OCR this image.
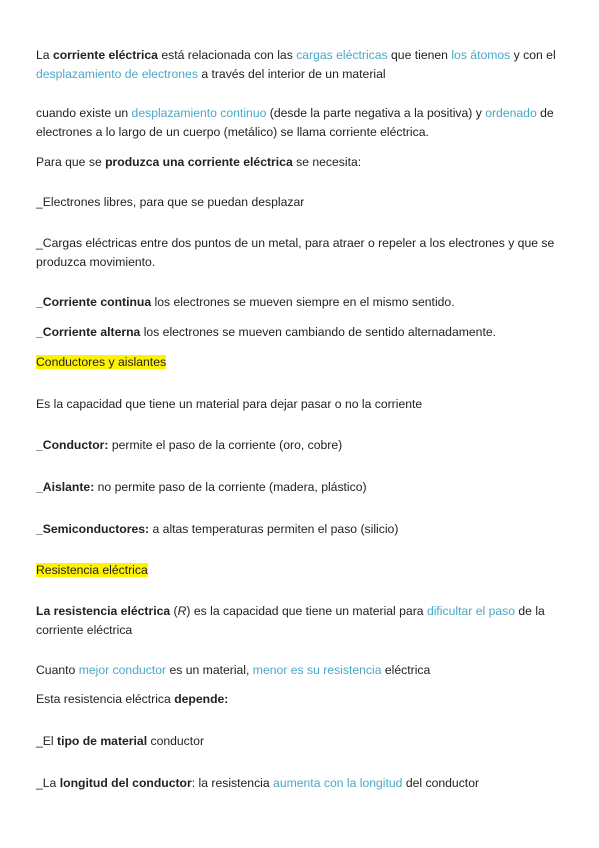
La corriente eléctrica está relacionada con las cargas eléctricas que tienen los átomos y con el desplazamiento de electrones a través del interior de un material

cuando existe un desplazamiento continuo (desde la parte negativa a la positiva) y ordenado de electrones a lo largo de un cuerpo (metálico) se llama corriente eléctrica.

Para que se produzca una corriente eléctrica se necesita:

_Electrones libres, para que se puedan desplazar

_Cargas eléctricas entre dos puntos de un metal, para atraer o repeler a los electrones y que se produzca movimiento.

_Corriente continua los electrones se mueven siempre en el mismo sentido.

_Corriente alterna los electrones se mueven cambiando de sentido alternadamente.

Conductores y aislantes

Es la capacidad que tiene un material para dejar pasar o no la corriente

_Conductor: permite el paso de la corriente (oro, cobre)

_Aislante: no permite paso de la corriente (madera, plástico)

_Semiconductores: a altas temperaturas permiten el paso (silicio)

Resistencia eléctrica

La resistencia eléctrica (R) es la capacidad que tiene un material para dificultar el paso de la corriente eléctrica

Cuanto mejor conductor es un material, menor es su resistencia eléctrica

Esta resistencia eléctrica depende:

_El tipo de material conductor

_La longitud del conductor: la resistencia aumenta con la longitud del conductor
